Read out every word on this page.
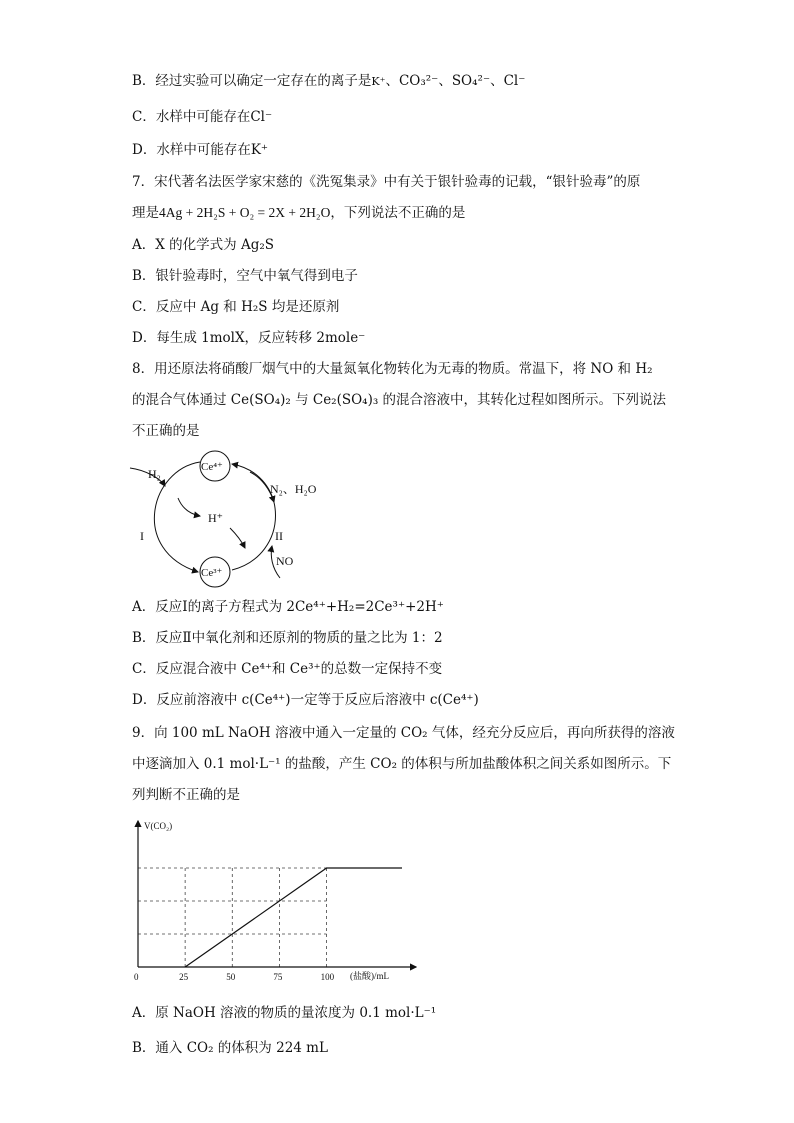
B．经过实验可以确定一定存在的离子是K⁺、CO₃²⁻、SO₄²⁻、Cl⁻
C．水样中可能存在Cl⁻
D．水样中可能存在K⁺
7．宋代著名法医学家宋慈的《洗冤集录》中有关于银针验毒的记载，“银针验毒”的原
理是4Ag + 2H₂S + O₂ = 2X + 2H₂O，下列说法不正确的是
A．X 的化学式为 Ag₂S
B．银针验毒时，空气中氧气得到电子
C．反应中 Ag 和 H₂S 均是还原剂
D．每生成 1molX，反应转移 2mole⁻
8．用还原法将硝酸厂烟气中的大量氮氧化物转化为无毒的物质。常温下，将 NO 和 H₂
的混合气体通过 Ce(SO₄)₂ 与 Ce₂(SO₄)₃ 的混合溶液中，其转化过程如图所示。下列说法
不正确的是
Ce⁴⁺
Ce³⁺
H₂
H⁺
N₂、H₂O
NO
I	II
A．反应Ⅰ的离子方程式为 2Ce⁴⁺+H₂=2Ce³⁺+2H⁺
B．反应Ⅱ中氧化剂和还原剂的物质的量之比为 1：2
C．反应混合液中 Ce⁴⁺和 Ce³⁺的总数一定保持不变
D．反应前溶液中 c(Ce⁴⁺)一定等于反应后溶液中 c(Ce⁴⁺)
9．向 100 mL NaOH 溶液中通入一定量的 CO₂ 气体，经充分反应后，再向所获得的溶液
中逐滴加入 0.1 mol·L⁻¹ 的盐酸，产生 CO₂ 的体积与所加盐酸体积之间关系如图所示。下
列判断不正确的是
V(CO₂)
(盐酸)/mL
0	25	50	75	100
A．原 NaOH 溶液的物质的量浓度为 0.1 mol·L⁻¹
B．通入 CO₂ 的体积为 224 mL
